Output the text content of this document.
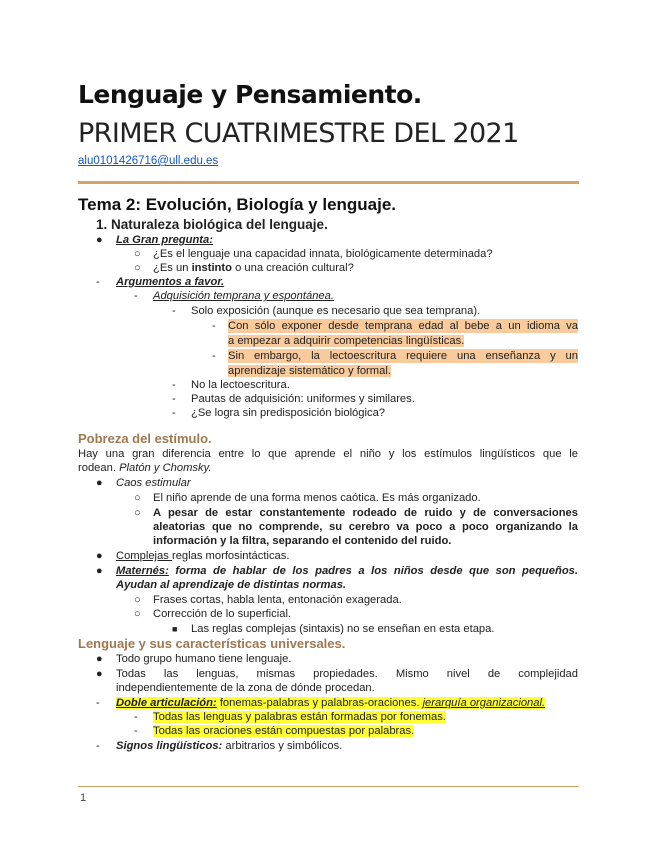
Lenguaje y Pensamiento.
PRIMER CUATRIMESTRE DEL 2021
alu0101426716@ull.edu.es
Tema 2: Evolución, Biología y lenguaje.
1. Naturaleza biológica del lenguaje.
● La Gran pregunta:
○ ¿Es el lenguaje una capacidad innata, biológicamente determinada?
○ ¿Es un instinto o una creación cultural?
- Argumentos a favor.
- Adquisición temprana y espontánea.
- Solo exposición (aunque es necesario que sea temprana).
- Con sólo exponer desde temprana edad al bebe a un idioma va
a empezar a adquirir competencias lingüísticas.
- Sin embargo, la lectoescritura requiere una enseñanza y un
aprendizaje sistemático y formal.
- No la lectoescritura.
- Pautas de adquisición: uniformes y similares.
- ¿Se logra sin predisposición biológica?
Pobreza del estímulo.
Hay una gran diferencia entre lo que aprende el niño y los estímulos lingüísticos que le
rodean. Platón y Chomsky.
● Caos estimular
○ El niño aprende de una forma menos caótica. Es más organizado.
○ A pesar de estar constantemente rodeado de ruido y de conversaciones
aleatorias que no comprende, su cerebro va poco a poco organizando la
información y la filtra, separando el contenido del ruido.
● Complejas reglas morfosintácticas.
● Maternés: forma de hablar de los padres a los niños desde que son pequeños.
Ayudan al aprendizaje de distintas normas.
○ Frases cortas, habla lenta, entonación exagerada.
○ Corrección de lo superficial.
■ Las reglas complejas (sintaxis) no se enseñan en esta etapa.
Lenguaje y sus características universales.
● Todo grupo humano tiene lenguaje.
● Todas las lenguas, mismas propiedades. Mismo nivel de complejidad
independientemente de la zona de dónde procedan.
- Doble articulación: fonemas-palabras y palabras-oraciones. jerarquía organizacional.
- Todas las lenguas y palabras están formadas por fonemas.
- Todas las oraciones están compuestas por palabras.
- Signos lingüísticos: arbitrarios y simbólicos.
1
